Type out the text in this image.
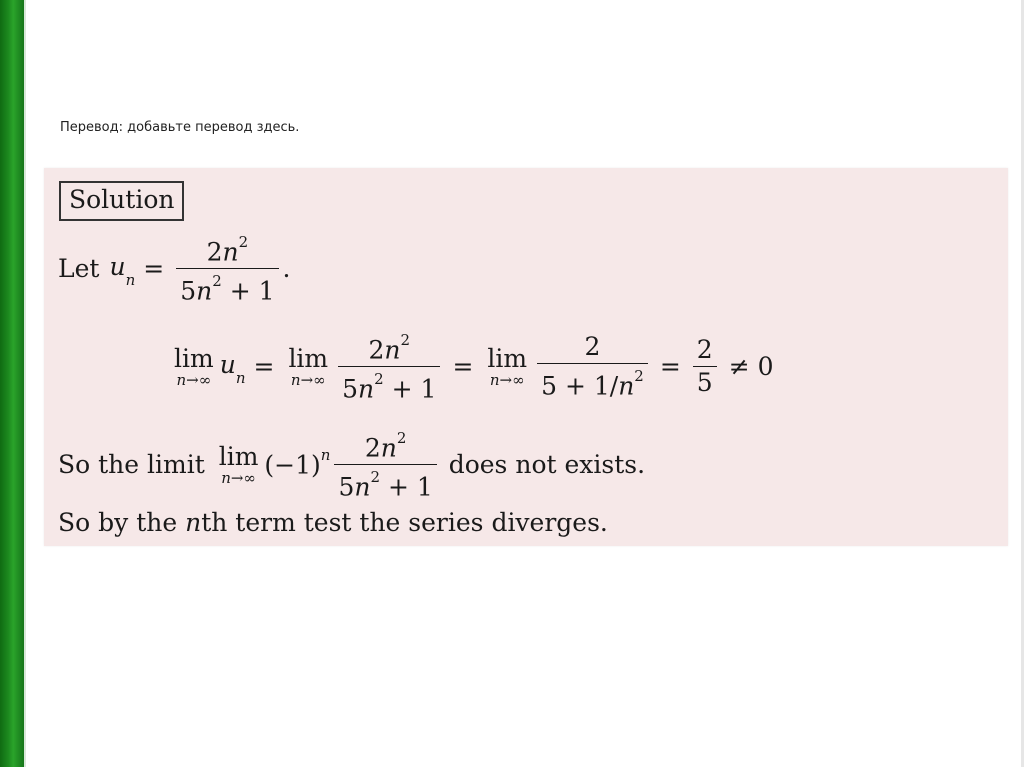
Перевод: добавьте перевод здесь.
Solution
Let $u_n = \frac{2n^2}{5n^2 + 1}$ .
lim
n→∞
$u_n = \lim$
$n\to\infty \frac{2n^2}{5n^2 + 1} = \lim$
$n\to\infty \frac{2}{5 + 1/n^2} = \frac{2}{5} \ne 0$
So the limit lim
n→∞ $(-1)^n \frac{2n^2}{5n^2 + 1}$ does not exists.
So by the n th term test the series diverges.
